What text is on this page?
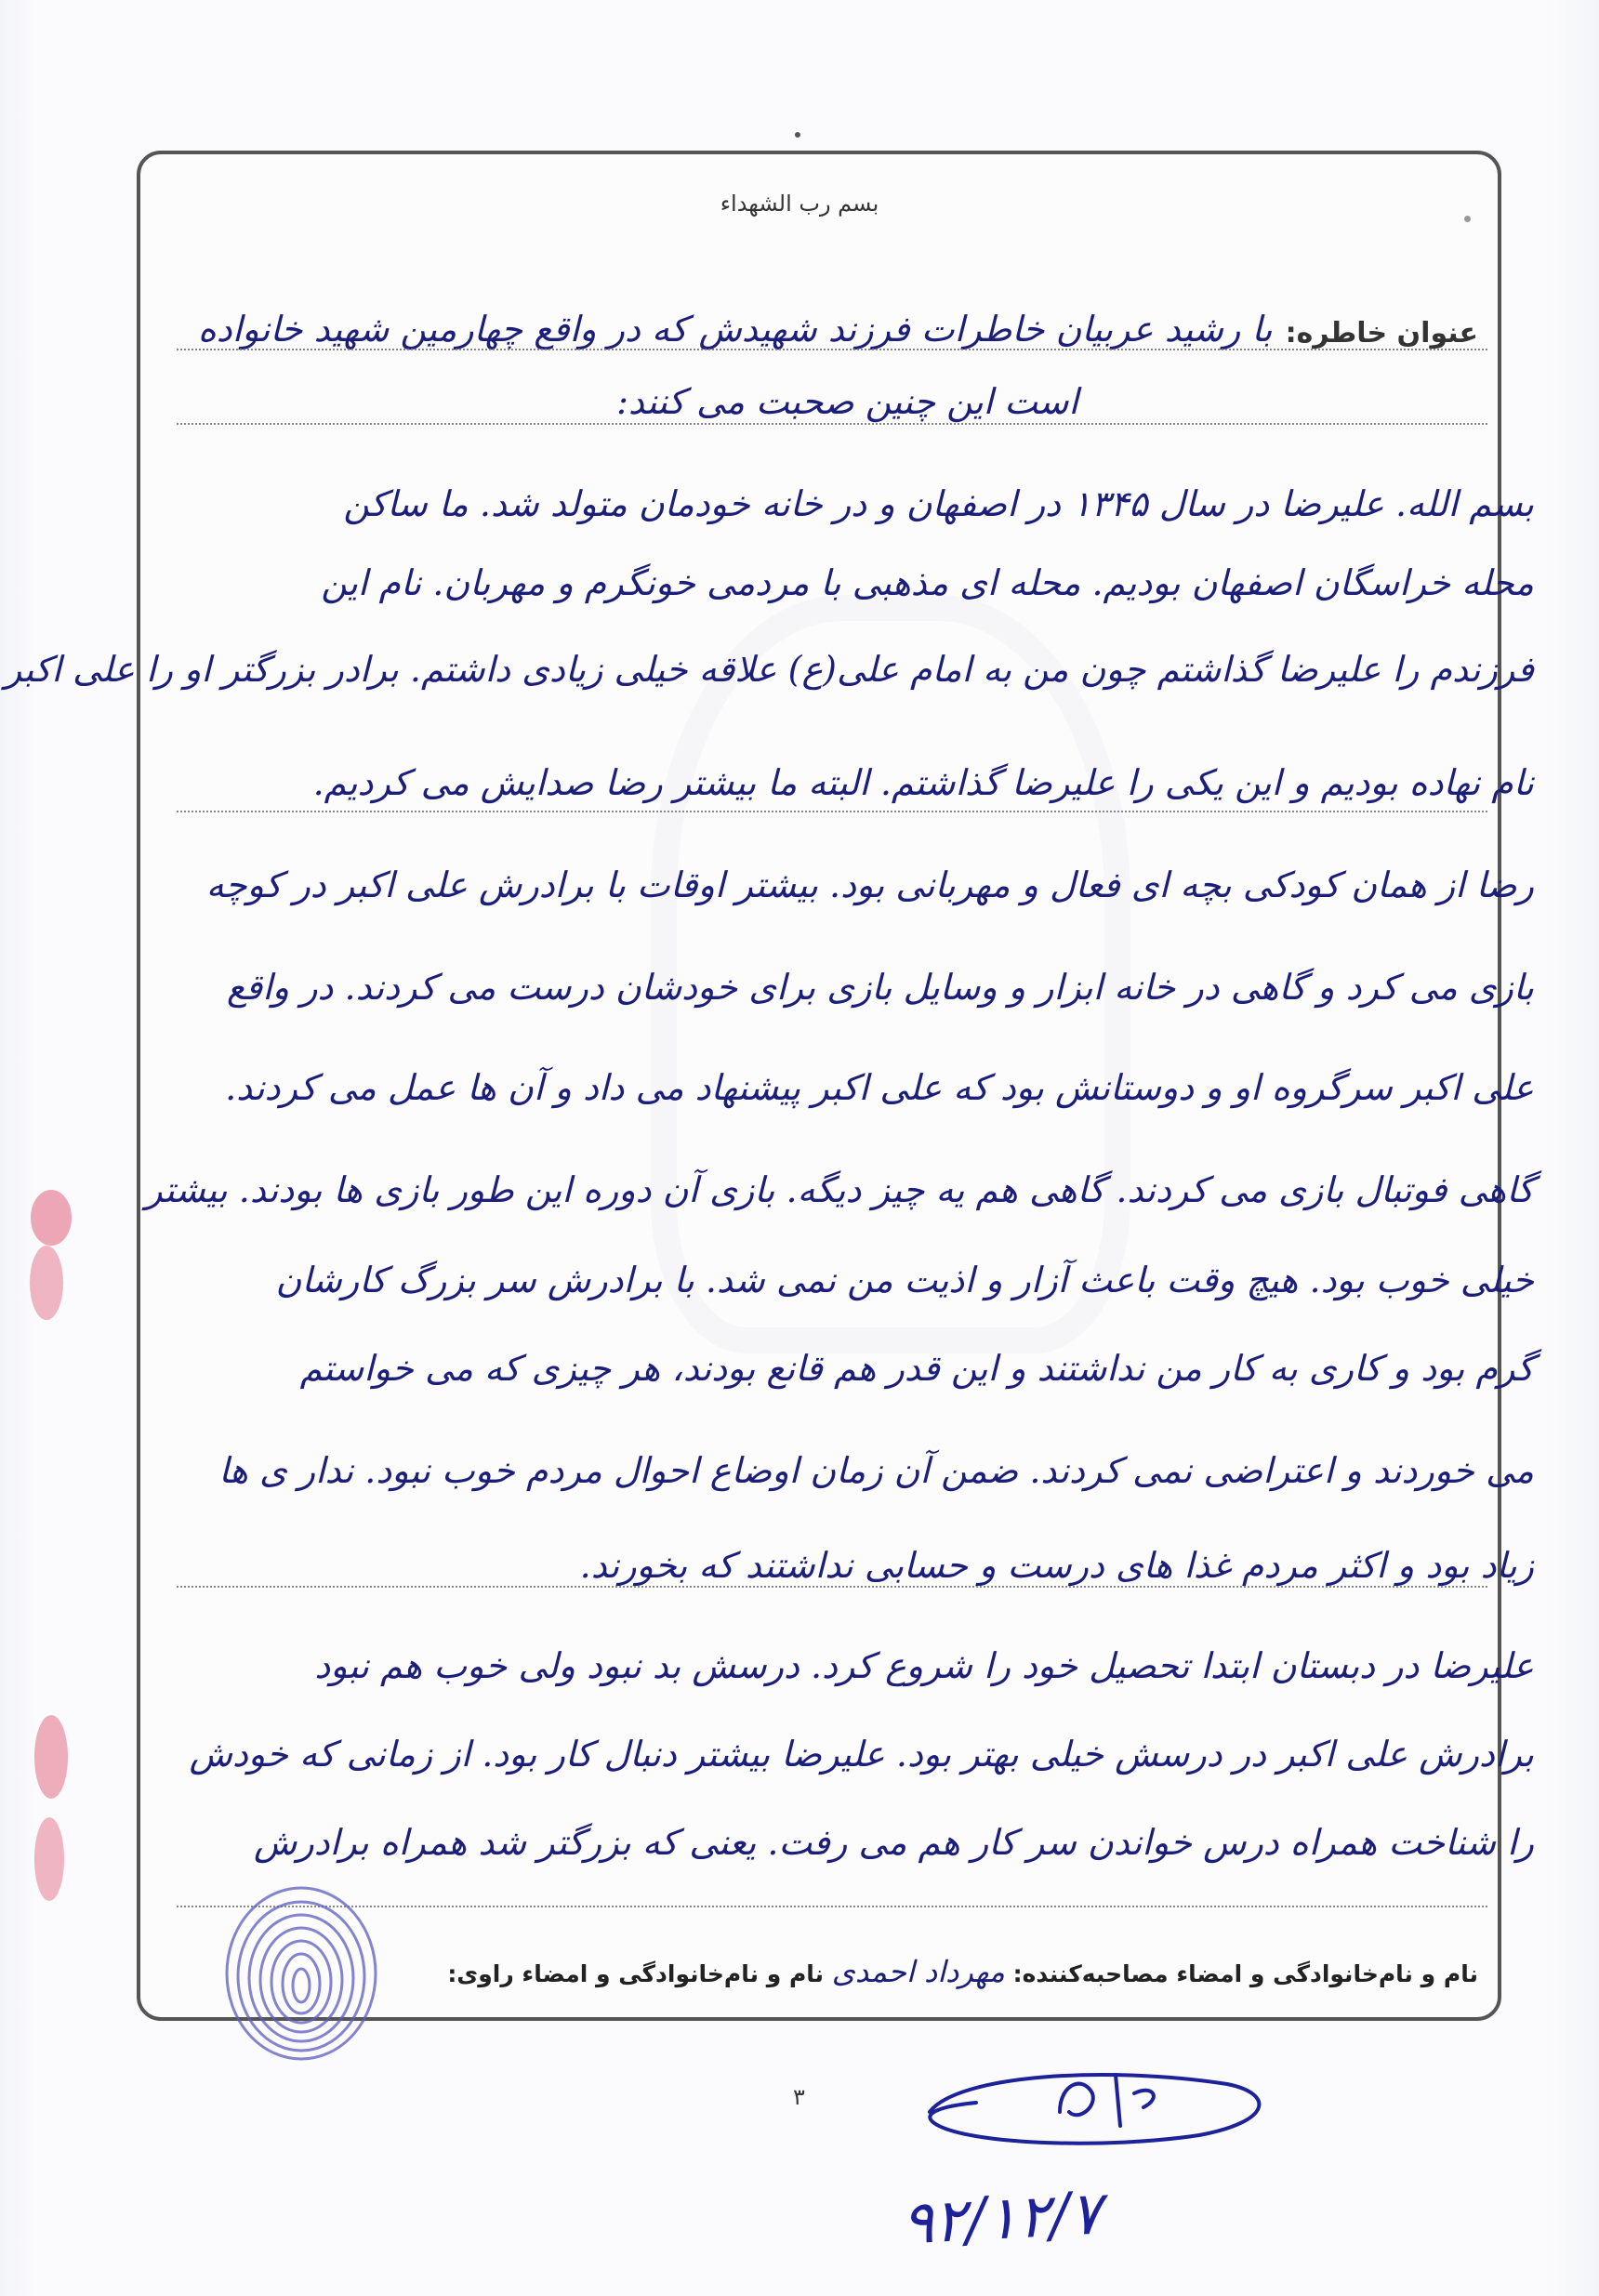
بسم رب الشهداء
عنوان خاطره:
با رشید عربیان خاطرات فرزند شهیدش که در واقع چهارمین شهید خانواده
است این چنین صحبت می کنند:
بسم الله. علیرضا در سال ۱۳۴۵ در اصفهان و در خانه خودمان متولد شد. ما ساکن
محله خراسگان اصفهان بودیم. محله ای مذهبی با مردمی خونگرم و مهربان. نام این
فرزندم را علیرضا گذاشتم چون من به امام علی(ع) علاقه خیلی زیادی داشتم. برادر بزرگتر او را علی اکبر
نام نهاده بودیم و این یکی را علیرضا گذاشتم. البته ما بیشتر رضا صدایش می کردیم.
رضا از همان کودکی بچه ای فعال و مهربانی بود. بیشتر اوقات با برادرش علی اکبر در کوچه
بازی می کرد و گاهی در خانه ابزار و وسایل بازی برای خودشان درست می کردند. در واقع
علی اکبر سرگروه او و دوستانش بود که علی اکبر پیشنهاد می داد و آن ها عمل می کردند.
گاهی فوتبال بازی می کردند. گاهی هم یه چیز دیگه. بازی آن دوره این طور بازی ها بودند. بیشتر
خیلی خوب بود. هیچ وقت باعث آزار و اذیت من نمی شد. با برادرش سر بزرگ کارشان
گرم بود و کاری به کار من نداشتند و این قدر هم قانع بودند، هر چیزی که می خواستم
می خوردند و اعتراضی نمی کردند. ضمن آن زمان اوضاع احوال مردم خوب نبود. ندار ی ها
زیاد بود و اکثر مردم غذا های درست و حسابی نداشتند که بخورند.
علیرضا در دبستان ابتدا تحصیل خود را شروع کرد. درسش بد نبود ولی خوب هم نبود
برادرش علی اکبر در درسش خیلی بهتر بود. علیرضا بیشتر دنبال کار بود. از زمانی که خودش
را شناخت همراه درس خواندن سر کار هم می رفت. یعنی که بزرگتر شد همراه برادرش
نام و نام‌خانوادگی و امضاء مصاحبه‌کننده: مهرداد احمدی نام و نام‌خانوادگی و امضاء راوی:
۳
۹۲/۱۲/۷
